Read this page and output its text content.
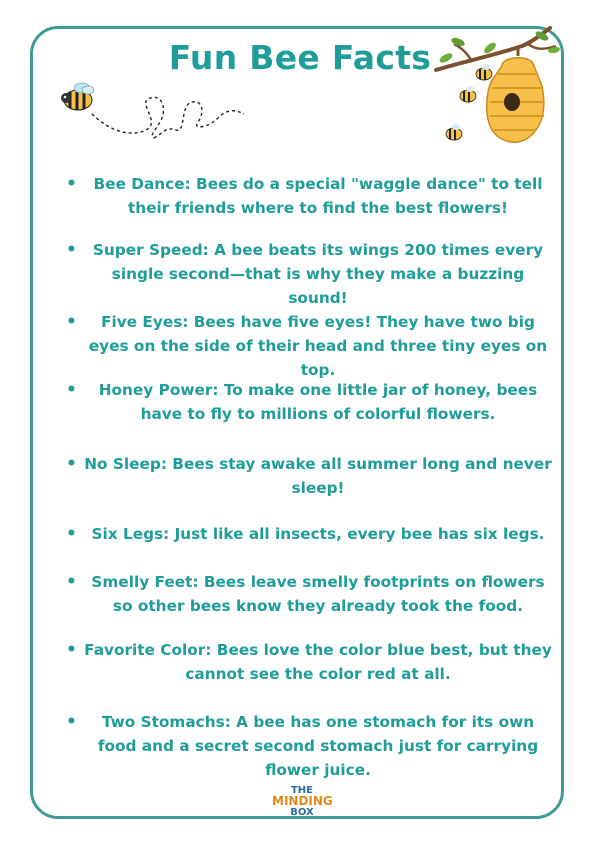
Fun Bee Facts
•	Bee Dance: Bees do a special "waggle dance" to tell their friends where to find the best flowers!
•	Super Speed: A bee beats its wings 200 times every single second—that is why they make a buzzing sound!
•	Five Eyes: Bees have five eyes! They have two big eyes on the side of their head and three tiny eyes on top.
•	Honey Power: To make one little jar of honey, bees have to fly to millions of colorful flowers.
• No Sleep: Bees stay awake all summer long and never sleep!
• Six Legs: Just like all insects, every bee has six legs.
• Smelly Feet: Bees leave smelly footprints on flowers so other bees know they already took the food.
• Favorite Color: Bees love the color blue best, but they cannot see the color red at all.
•	Two Stomachs: A bee has one stomach for its own food and a secret second stomach just for carrying flower juice.
THE
MINDING
BOX
